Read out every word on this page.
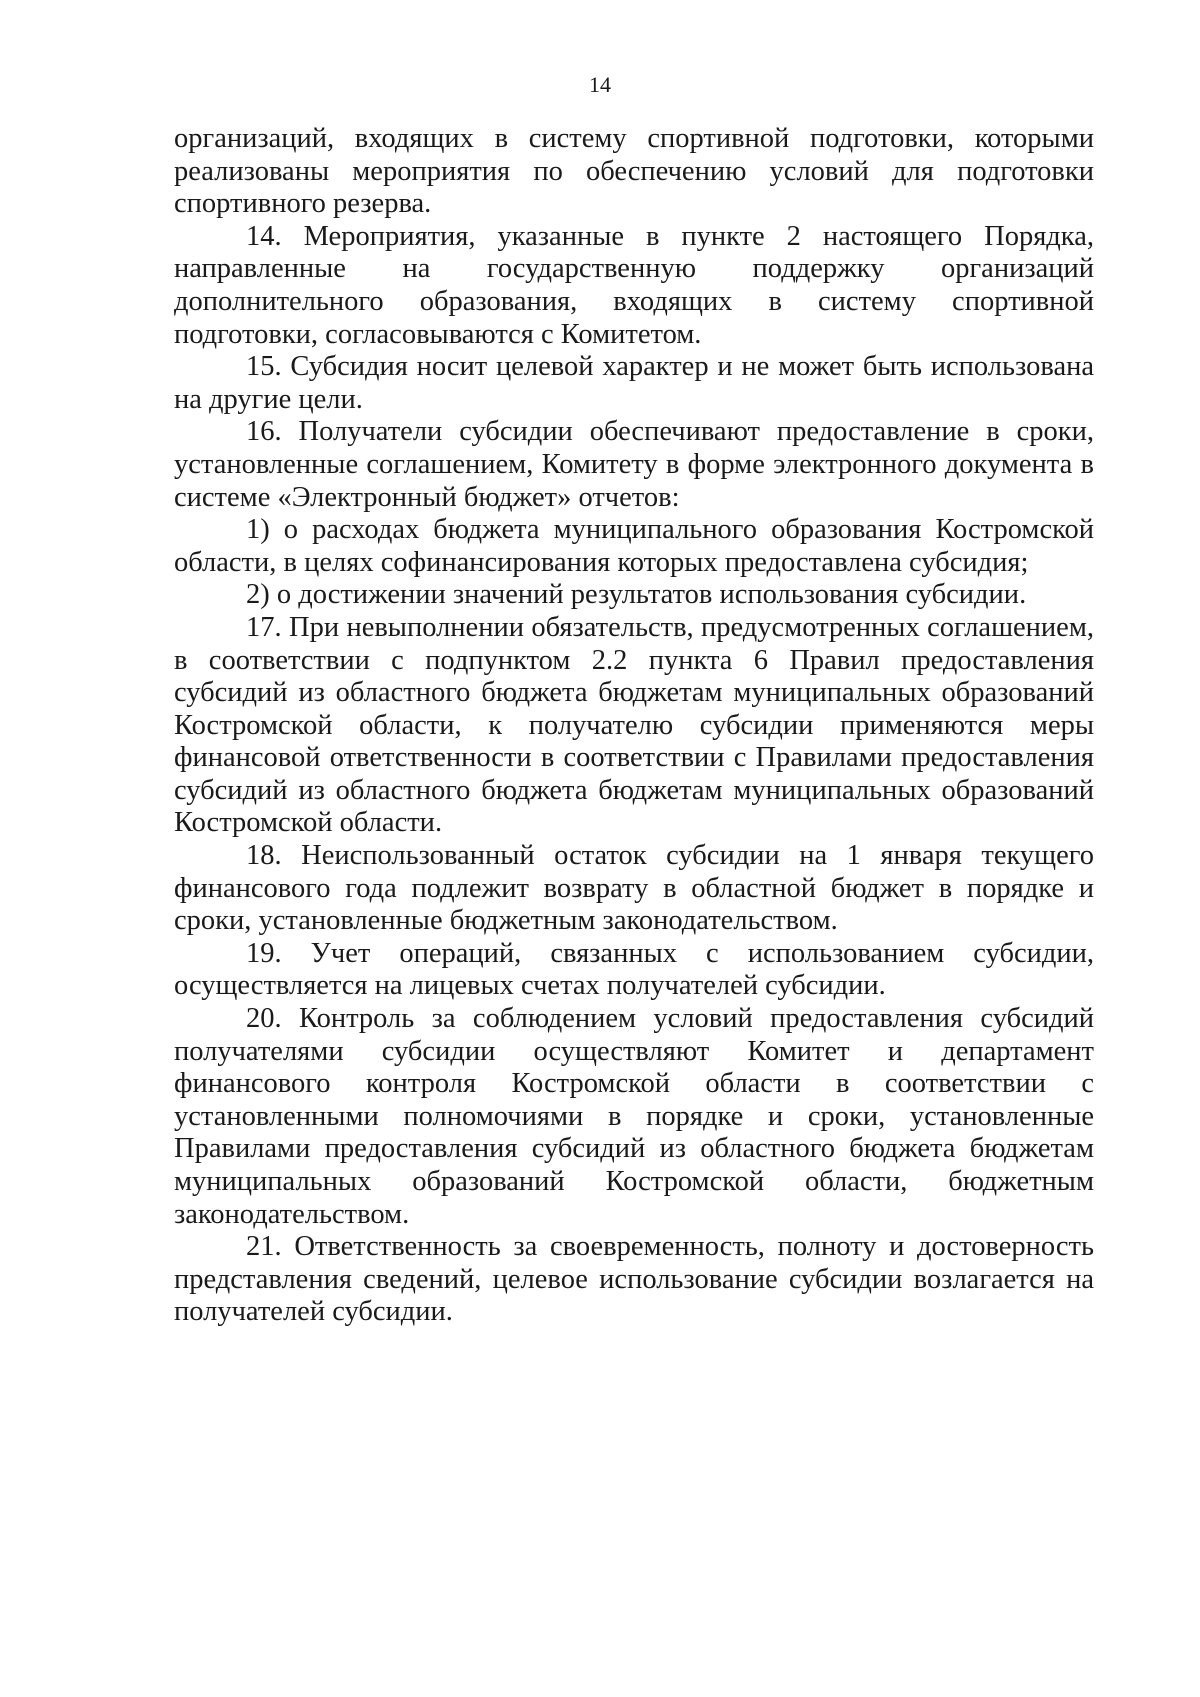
14

организаций, входящих в систему спортивной подготовки, которыми реализованы мероприятия по обеспечению условий для подготовки спортивного резерва.

14. Мероприятия, указанные в пункте 2 настоящего Порядка, направленные на государственную поддержку организаций дополнительного образования, входящих в систему спортивной подготовки, согласовываются с Комитетом.

15. Субсидия носит целевой характер и не может быть использована на другие цели.

16. Получатели субсидии обеспечивают предоставление в сроки, установленные соглашением, Комитету в форме электронного документа в системе «Электронный бюджет» отчетов:

1) о расходах бюджета муниципального образования Костромской области, в целях софинансирования которых предоставлена субсидия;

2) о достижении значений результатов использования субсидии.

17. При невыполнении обязательств, предусмотренных соглашением, в соответствии с подпунктом 2.2 пункта 6 Правил предоставления субсидий из областного бюджета бюджетам муниципальных образований Костромской области, к получателю субсидии применяются меры финансовой ответственности в соответствии с Правилами предоставления субсидий из областного бюджета бюджетам муниципальных образований Костромской области.

18. Неиспользованный остаток субсидии на 1 января текущего финансового года подлежит возврату в областной бюджет в порядке и сроки, установленные бюджетным законодательством.

19. Учет операций, связанных с использованием субсидии, осуществляется на лицевых счетах получателей субсидии.

20. Контроль за соблюдением условий предоставления субсидий получателями субсидии осуществляют Комитет и департамент финансового контроля Костромской области в соответствии с установленными полномочиями в порядке и сроки, установленные Правилами предоставления субсидий из областного бюджета бюджетам муниципальных образований Костромской области, бюджетным законодательством.

21. Ответственность за своевременность, полноту и достоверность представления сведений, целевое использование субсидии возлагается на получателей субсидии.
